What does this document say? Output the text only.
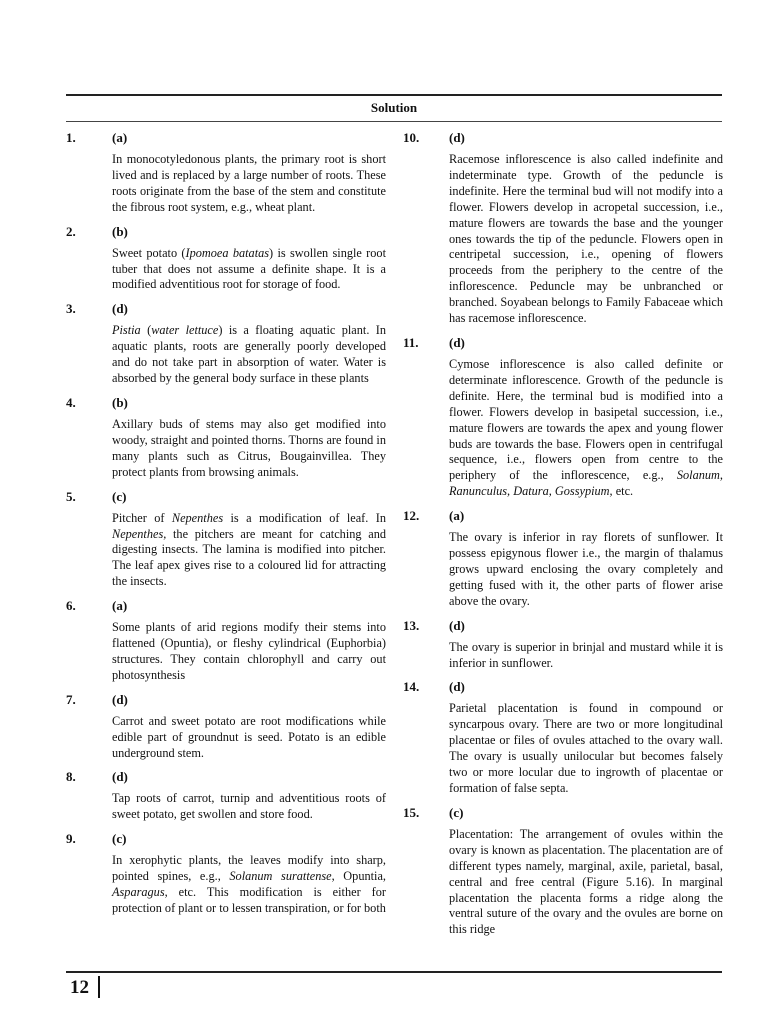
Solution
1.	(a)
In monocotyledonous plants, the primary root is short lived and is replaced by a large number of roots. These roots originate from the base of the stem and constitute the fibrous root system, e.g., wheat plant.
2.	(b)
Sweet potato (Ipomoea batatas) is swollen single root tuber that does not assume a definite shape. It is a modified adventitious root for storage of food.
3.	(d)
Pistia (water lettuce) is a floating aquatic plant. In aquatic plants, roots are generally poorly developed and do not take part in absorption of water. Water is absorbed by the general body surface in these plants
4.	(b)
Axillary buds of stems may also get modified into woody, straight and pointed thorns. Thorns are found in many plants such as Citrus, Bougainvillea. They protect plants from browsing animals.
5.	(c)
Pitcher of Nepenthes is a modification of leaf. In Nepenthes, the pitchers are meant for catching and digesting insects. The lamina is modified into pitcher. The leaf apex gives rise to a coloured lid for attracting the insects.
6.	(a)
Some plants of arid regions modify their stems into flattened (Opuntia), or fleshy cylindrical (Euphorbia) structures. They contain chlorophyll and carry out photosynthesis
7.	(d)
Carrot and sweet potato are root modifications while edible part of groundnut is seed. Potato is an edible underground stem.
8.	(d)
Tap roots of carrot, turnip and adventitious roots of sweet potato, get swollen and store food.
9.	(c)
In xerophytic plants, the leaves modify into sharp, pointed spines, e.g., Solanum surattense, Opuntia, Asparagus, etc. This modification is either for protection of plant or to lessen transpiration, or for both
10.	(d)
Racemose inflorescence is also called indefinite and indeterminate type. Growth of the peduncle is indefinite. Here the terminal bud will not modify into a flower. Flowers develop in acropetal succession, i.e., mature flowers are towards the base and the younger ones towards the tip of the peduncle. Flowers open in centripetal succession, i.e., opening of flowers proceeds from the periphery to the centre of the inflorescence. Peduncle may be unbranched or branched. Soyabean belongs to Family Fabaceae which has racemose inflorescence.
11.	(d)
Cymose inflorescence is also called definite or determinate inflorescence. Growth of the peduncle is definite. Here, the terminal bud is modified into a flower. Flowers develop in basipetal succession, i.e., mature flowers are towards the apex and young flower buds are towards the base. Flowers open in centrifugal sequence, i.e., flowers open from centre to the periphery of the inflorescence, e.g., Solanum, Ranunculus, Datura, Gossypium, etc.
12.	(a)
The ovary is inferior in ray florets of sunflower. It possess epigynous flower i.e., the margin of thalamus grows upward enclosing the ovary completely and getting fused with it, the other parts of flower arise above the ovary.
13.	(d)
The ovary is superior in brinjal and mustard while it is inferior in sunflower.
14.	(d)
Parietal placentation is found in compound or syncarpous ovary. There are two or more longitudinal placentae or files of ovules attached to the ovary wall. The ovary is usually unilocular but becomes falsely two or more locular due to ingrowth of placentae or formation of false septa.
15.	(c)
Placentation: The arrangement of ovules within the ovary is known as placentation. The placentation are of different types namely, marginal, axile, parietal, basal, central and free central (Figure 5.16). In marginal placentation the placenta forms a ridge along the ventral suture of the ovary and the ovules are borne on this ridge
12
